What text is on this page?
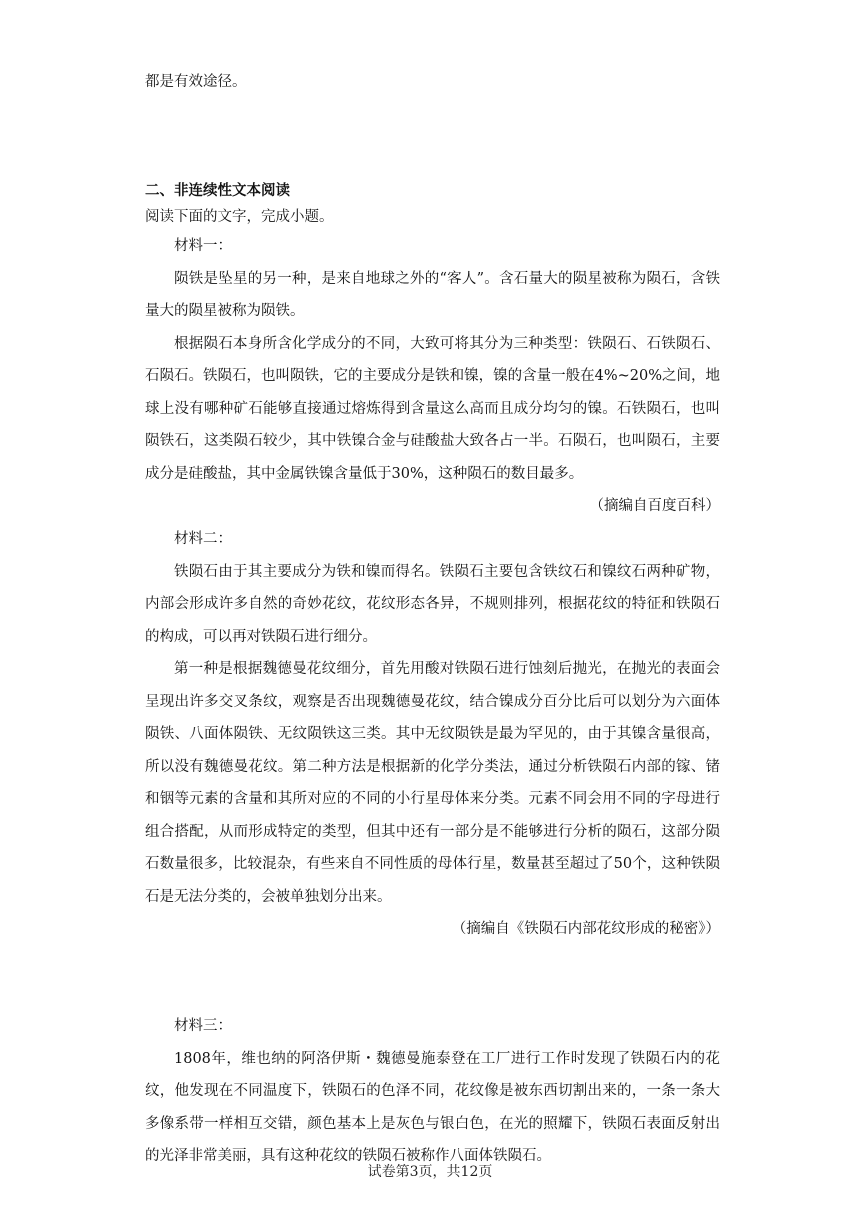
都是有效途径。
二、非连续性文本阅读
阅读下面的文字，完成小题。

材料一：

陨铁是坠星的另一种，是来自地球之外的“客人”。含石量大的陨星被称为陨石，含铁量大的陨星被称为陨铁。

根据陨石本身所含化学成分的不同，大致可将其分为三种类型：铁陨石、石铁陨石、石陨石。铁陨石，也叫陨铁，它的主要成分是铁和镍，镍的含量一般在4%~20%之间，地球上没有哪种矿石能够直接通过熔炼得到含量这么高而且成分均匀的镍。石铁陨石，也叫陨铁石，这类陨石较少，其中铁镍合金与硅酸盐大致各占一半。石陨石，也叫陨石，主要成分是硅酸盐，其中金属铁镍含量低于30%，这种陨石的数目最多。

（摘编自百度百科）

材料二：

铁陨石由于其主要成分为铁和镍而得名。铁陨石主要包含铁纹石和镍纹石两种矿物，内部会形成许多自然的奇妙花纹，花纹形态各异，不规则排列，根据花纹的特征和铁陨石的构成，可以再对铁陨石进行细分。

第一种是根据魏德曼花纹细分，首先用酸对铁陨石进行蚀刻后抛光，在抛光的表面会呈现出许多交叉条纹，观察是否出现魏德曼花纹，结合镍成分百分比后可以划分为六面体陨铁、八面体陨铁、无纹陨铁这三类。其中无纹陨铁是最为罕见的，由于其镍含量很高，所以没有魏德曼花纹。第二种方法是根据新的化学分类法，通过分析铁陨石内部的镓、锗和铟等元素的含量和其所对应的不同的小行星母体来分类。元素不同会用不同的字母进行组合搭配，从而形成特定的类型，但其中还有一部分是不能够进行分析的陨石，这部分陨石数量很多，比较混杂，有些来自不同性质的母体行星，数量甚至超过了50个，这种铁陨石是无法分类的，会被单独划分出来。

（摘编自《铁陨石内部花纹形成的秘密》）

材料三：

1808年，维也纳的阿洛伊斯・魏德曼施泰登在工厂进行工作时发现了铁陨石内的花纹，他发现在不同温度下，铁陨石的色泽不同，花纹像是被东西切割出来的，一条一条大多像系带一样相互交错，颜色基本上是灰色与银白色，在光的照耀下，铁陨石表面反射出的光泽非常美丽，具有这种花纹的铁陨石被称作八面体铁陨石。

试卷第3页，共12页
